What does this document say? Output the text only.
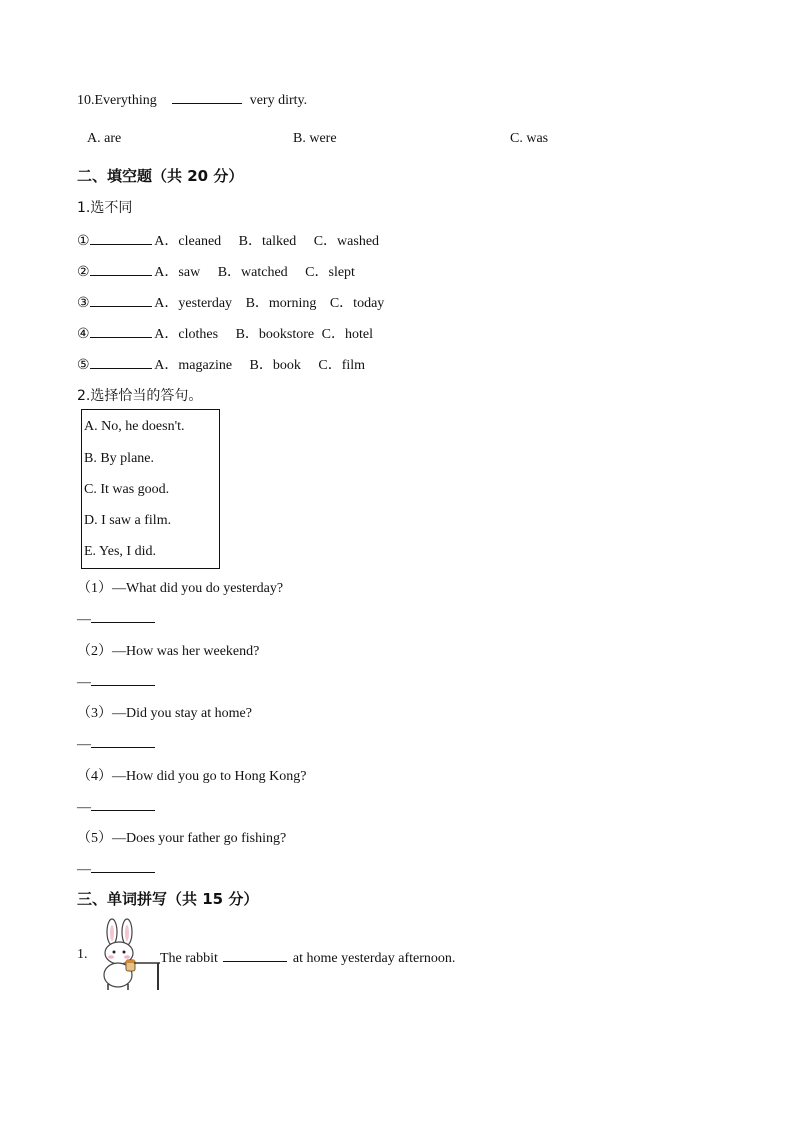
10.Everything	very dirty.
A. are	B. were	C. was
二、填空题（共 20 分）
1.选不同
①	A．cleaned B．talked C．washed
②	A．saw B．watched C．slept
③	A．yesterday B．morning C．today
④	A．clothes B．bookstore C．hotel
⑤	A．magazine B．book C．film
2.选择恰当的答句。
A. No, he doesn't.
B. By plane.
C. It was good.
D. I saw a film.
E. Yes, I did.
（1）—What did you do yesterday?
—
（2）—How was her weekend?
—
（3）—Did you stay at home?
—
（4）—How did you go to Hong Kong?
—
（5）—Does your father go fishing?
—
三、单词拼写（共 15 分）
1.	The rabbit	at home yesterday afternoon.
